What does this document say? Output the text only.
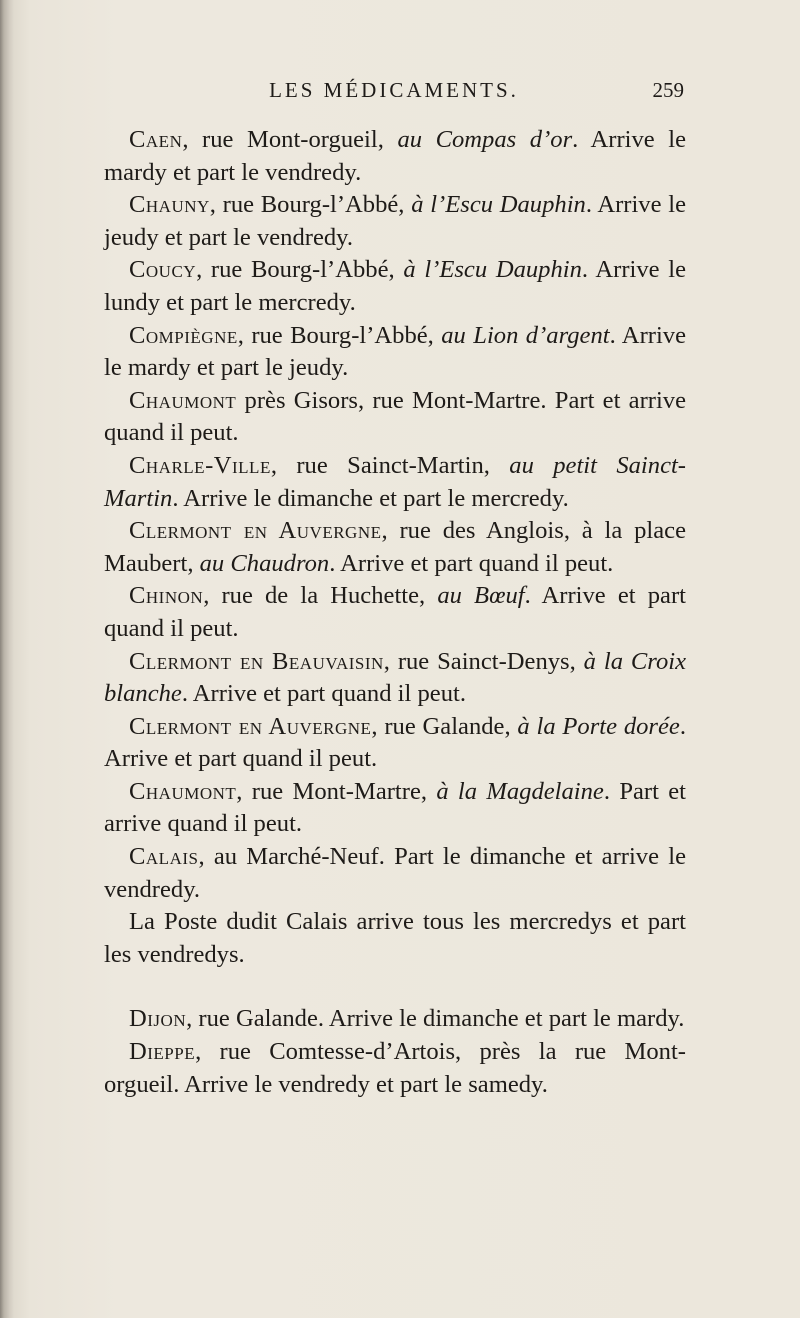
LES MÉDICAMENTS.	259

Caen, rue Mont-orgueil, au Compas d’or. Arrive le mardy et part le vendredy.

Chauny, rue Bourg-l’Abbé, à l’Escu Dauphin. Arrive le jeudy et part le vendredy.

Coucy, rue Bourg-l’Abbé, à l’Escu Dauphin. Arrive le lundy et part le mercredy.

Compiègne, rue Bourg-l’Abbé, au Lion d’argent. Arrive le mardy et part le jeudy.

Chaumont près Gisors, rue Mont-Martre. Part et arrive quand il peut.

Charle-Ville, rue Sainct-Martin, au petit Sainct-Martin. Arrive le dimanche et part le mercredy.

Clermont en Auvergne, rue des Anglois, à la place Maubert, au Chaudron. Arrive et part quand il peut.

Chinon, rue de la Huchette, au Bœuf. Arrive et part quand il peut.

Clermont en Beauvaisin, rue Sainct-Denys, à la Croix blanche. Arrive et part quand il peut.

Clermont en Auvergne, rue Galande, à la Porte dorée. Arrive et part quand il peut.

Chaumont, rue Mont-Martre, à la Magdelaine. Part et arrive quand il peut.

Calais, au Marché-Neuf. Part le dimanche et arrive le vendredy.

La Poste dudit Calais arrive tous les mercredys et part les vendredys.

Dijon, rue Galande. Arrive le dimanche et part le mardy.

Dieppe, rue Comtesse-d’Artois, près la rue Mont-orgueil. Arrive le vendredy et part le samedy.
